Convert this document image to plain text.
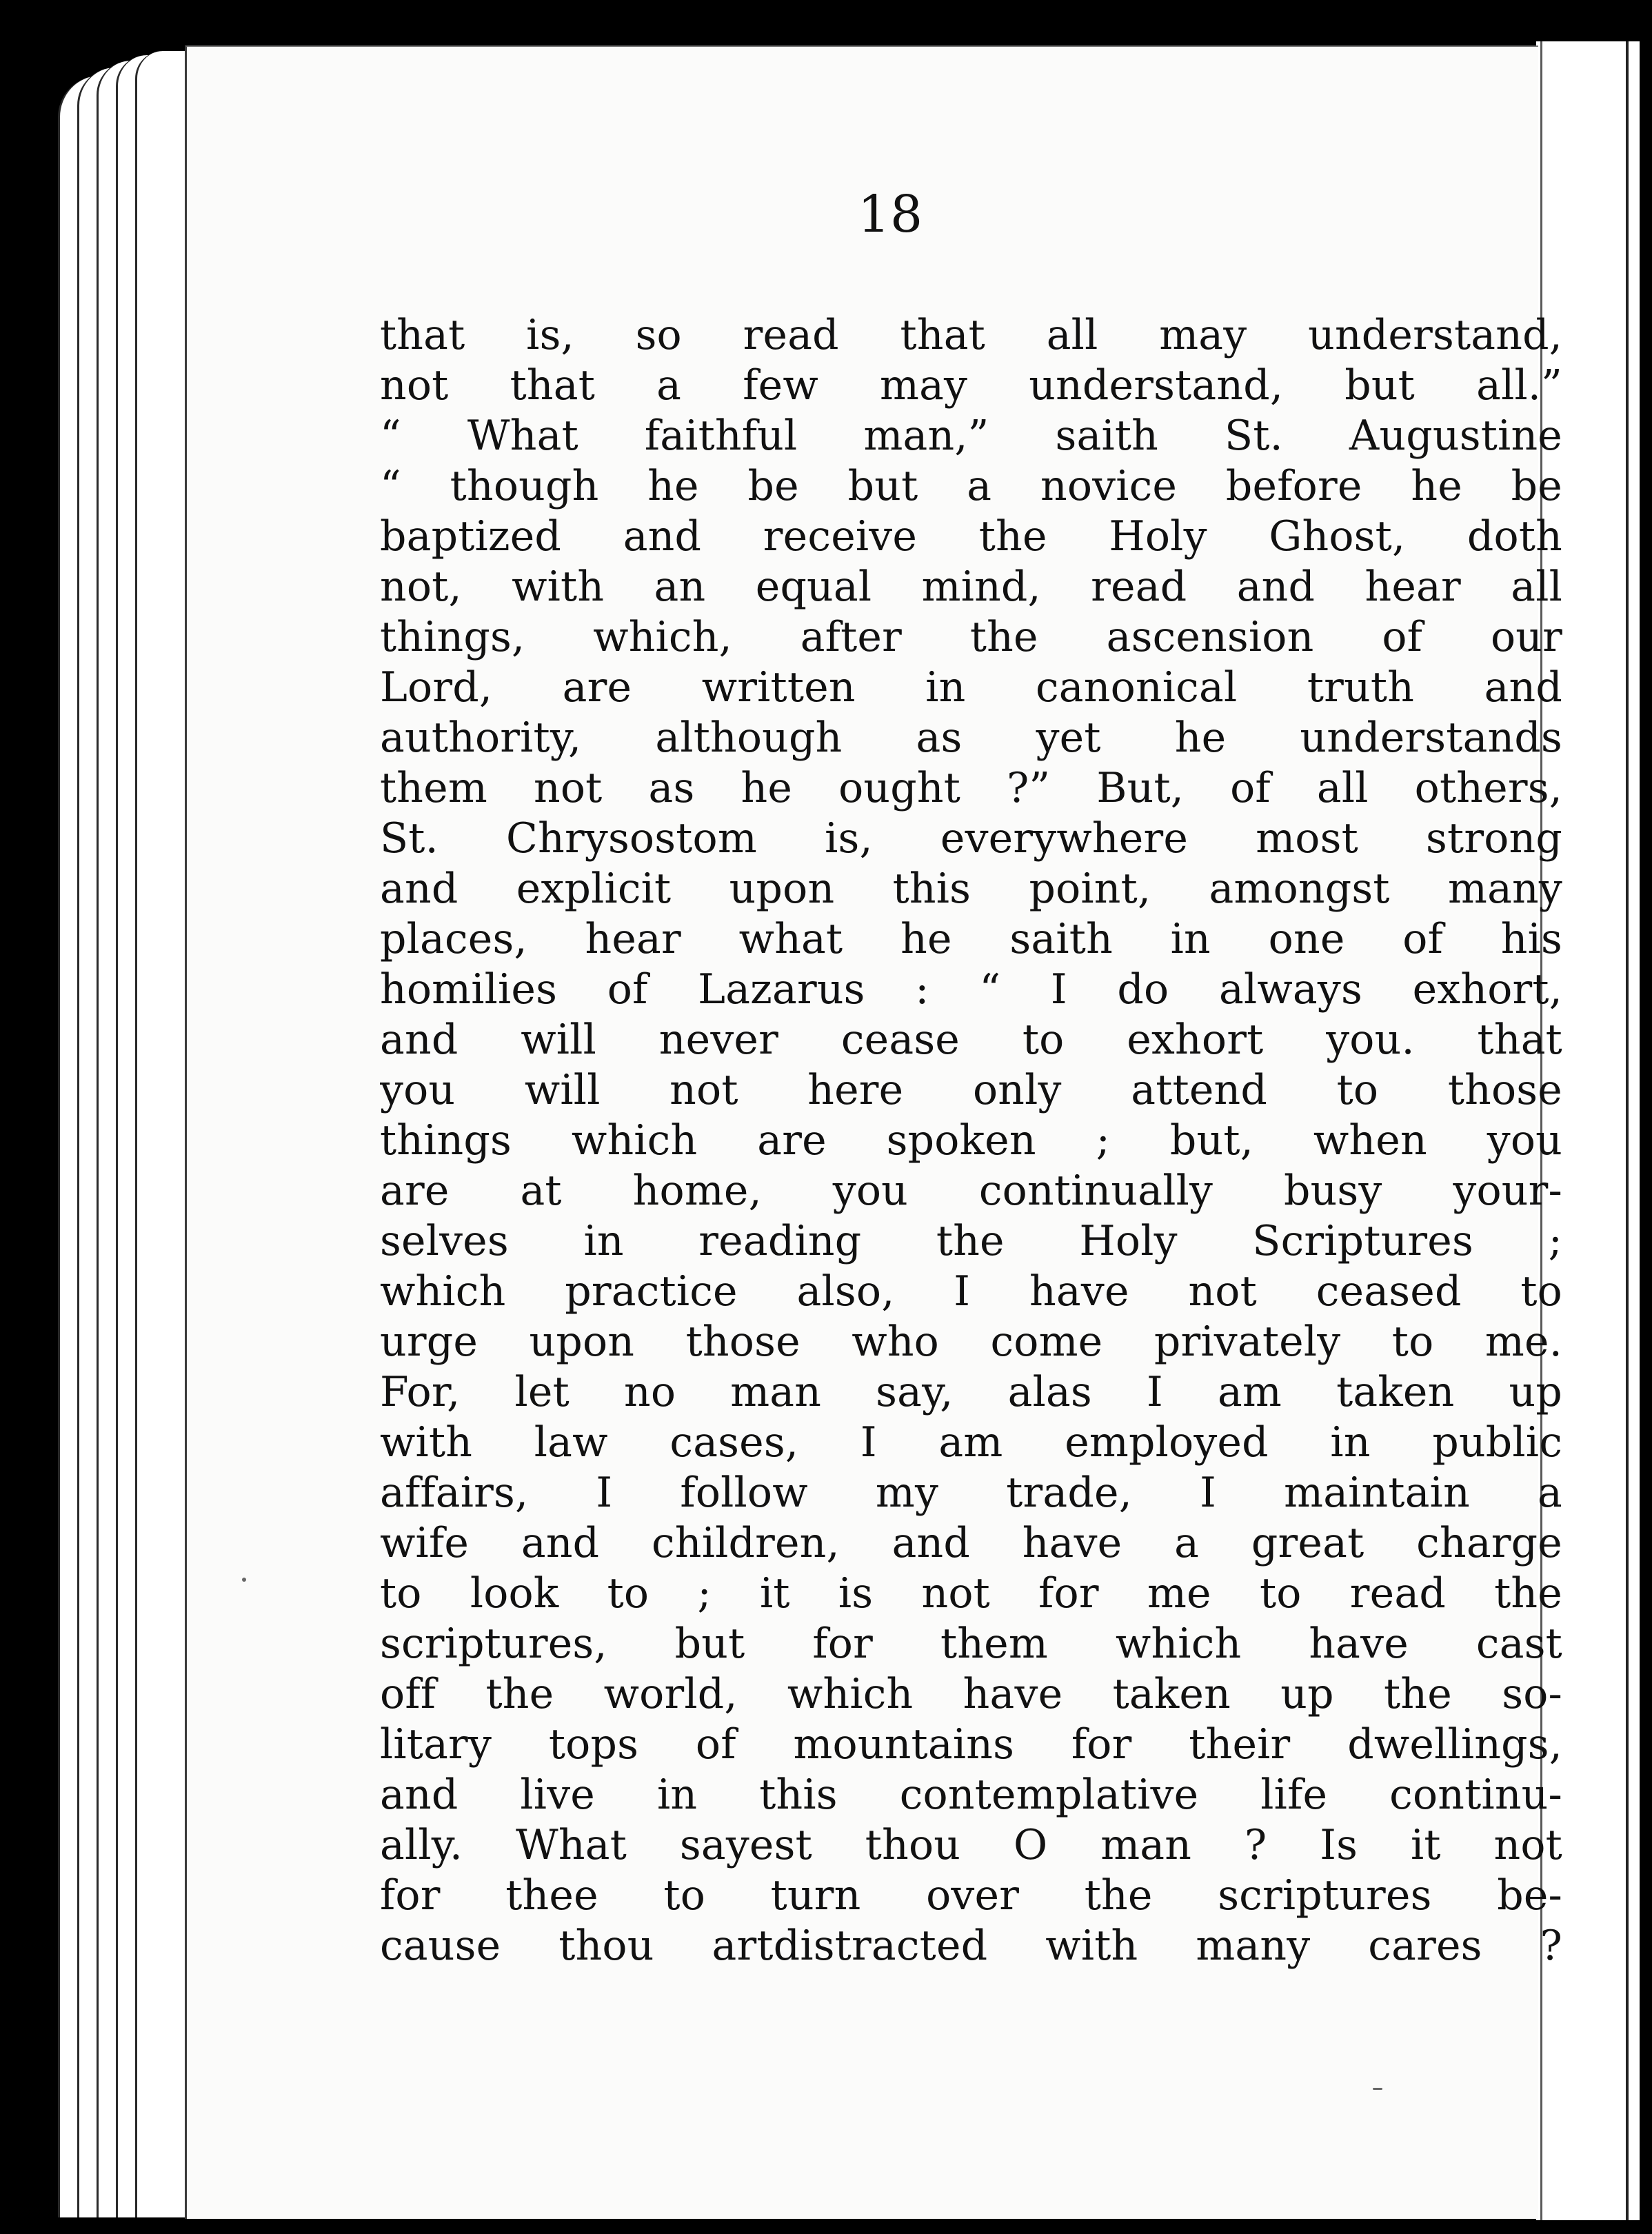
18
that is, so read that all may understand,
not that a few may understand, but all.”
“ What faithful man,” saith St. Augustine
“ though he be but a novice before he be
baptized and receive the Holy Ghost, doth
not, with an equal mind, read and hear all
things, which, after the ascension of our
Lord, are written in canonical truth and
authority, although as yet he understands
them not as he ought ?” But, of all others,
St. Chrysostom is, everywhere most strong
and explicit upon this point, amongst many
places, hear what he saith in one of his
homilies of Lazarus : “ I do always exhort,
and will never cease to exhort you. that
you will not here only attend to those
things which are spoken ; but, when you
are at home, you continually busy your-
selves in reading the Holy Scriptures ;
which practice also, I have not ceased to
urge upon those who come privately to me.
For, let no man say, alas I am taken up
with law cases, I am employed in public
affairs, I follow my trade, I maintain a
wife and children, and have a great charge
to look to ; it is not for me to read the
scriptures, but for them which have cast
off the world, which have taken up the so-
litary tops of mountains for their dwellings,
and live in this contemplative life continu-
ally. What sayest thou O man ? Is it not
for thee to turn over the scriptures be-
cause thou artdistracted with many cares ?
